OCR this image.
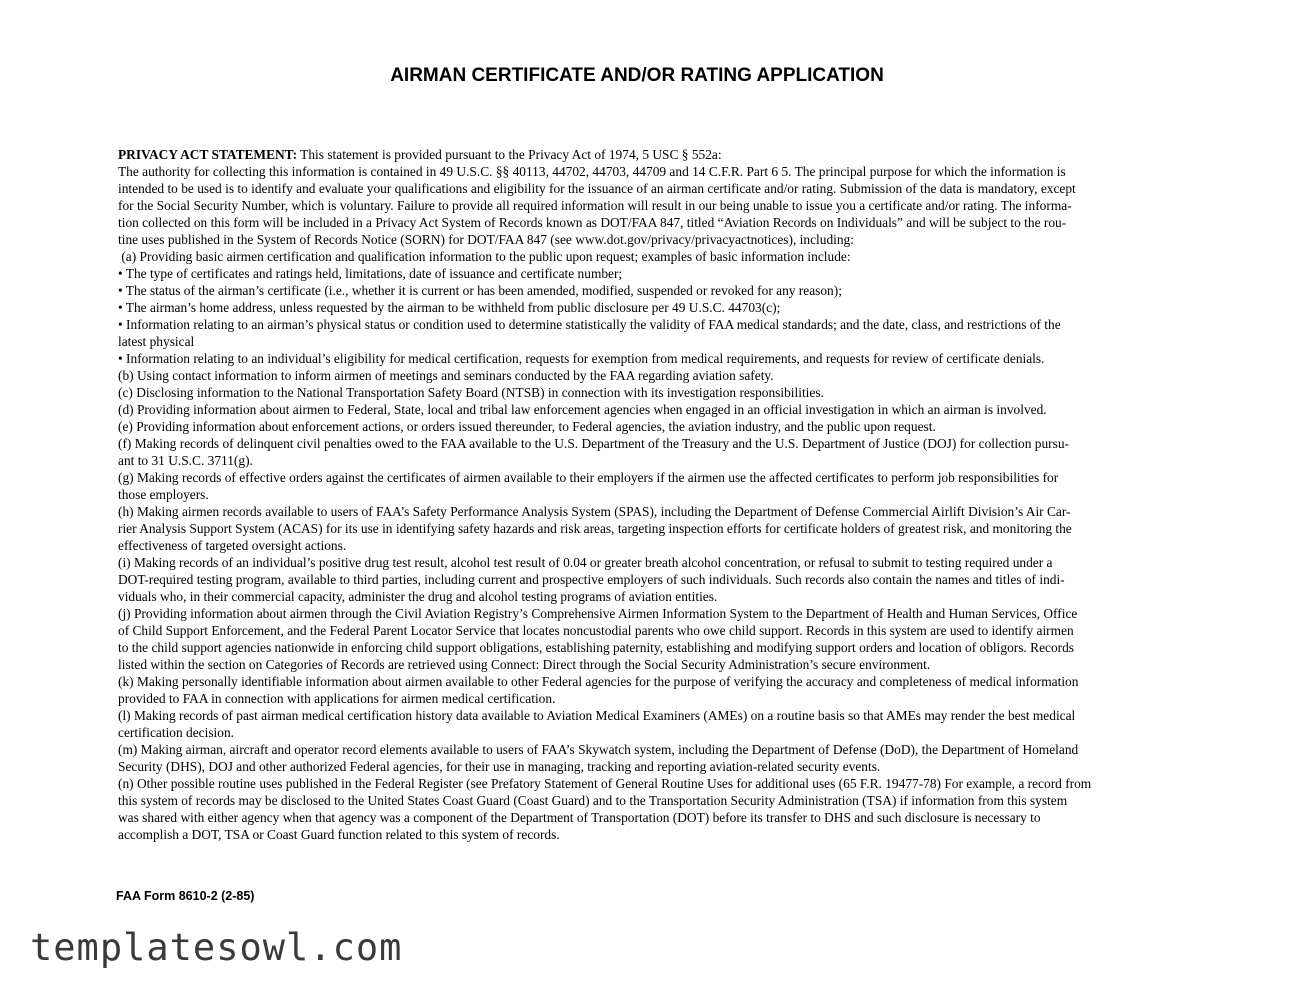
AIRMAN CERTIFICATE AND/OR RATING APPLICATION

PRIVACY ACT STATEMENT: This statement is provided pursuant to the Privacy Act of 1974, 5 USC § 552a:

The authority for collecting this information is contained in 49 U.S.C. §§ 40113, 44702, 44703, 44709 and 14 C.F.R. Part 6 5. The principal purpose for which the information is

intended to be used is to identify and evaluate your qualifications and eligibility for the issuance of an airman certificate and/or rating. Submission of the data is mandatory, except

for the Social Security Number, which is voluntary. Failure to provide all required information will result in our being unable to issue you a certificate and/or rating. The informa-

tion collected on this form will be included in a Privacy Act System of Records known as DOT/FAA 847, titled “Aviation Records on Individuals” and will be subject to the rou-

tine uses published in the System of Records Notice (SORN) for DOT/FAA 847 (see www.dot.gov/privacy/privacyactnotices), including:

(a) Providing basic airmen certification and qualification information to the public upon request; examples of basic information include:

• The type of certificates and ratings held, limitations, date of issuance and certificate number;

• The status of the airman’s certificate (i.e., whether it is current or has been amended, modified, suspended or revoked for any reason);

• The airman’s home address, unless requested by the airman to be withheld from public disclosure per 49 U.S.C. 44703(c);

• Information relating to an airman’s physical status or condition used to determine statistically the validity of FAA medical standards; and the date, class, and restrictions of the

latest physical

• Information relating to an individual’s eligibility for medical certification, requests for exemption from medical requirements, and requests for review of certificate denials.

(b) Using contact information to inform airmen of meetings and seminars conducted by the FAA regarding aviation safety.

(c) Disclosing information to the National Transportation Safety Board (NTSB) in connection with its investigation responsibilities.

(d) Providing information about airmen to Federal, State, local and tribal law enforcement agencies when engaged in an official investigation in which an airman is involved.

(e) Providing information about enforcement actions, or orders issued thereunder, to Federal agencies, the aviation industry, and the public upon request.

(f) Making records of delinquent civil penalties owed to the FAA available to the U.S. Department of the Treasury and the U.S. Department of Justice (DOJ) for collection pursu-

ant to 31 U.S.C. 3711(g).

(g) Making records of effective orders against the certificates of airmen available to their employers if the airmen use the affected certificates to perform job responsibilities for

those employers.

(h) Making airmen records available to users of FAA’s Safety Performance Analysis System (SPAS), including the Department of Defense Commercial Airlift Division’s Air Car-

rier Analysis Support System (ACAS) for its use in identifying safety hazards and risk areas, targeting inspection efforts for certificate holders of greatest risk, and monitoring the

effectiveness of targeted oversight actions.

(i) Making records of an individual’s positive drug test result, alcohol test result of 0.04 or greater breath alcohol concentration, or refusal to submit to testing required under a

DOT-required testing program, available to third parties, including current and prospective employers of such individuals. Such records also contain the names and titles of indi-

viduals who, in their commercial capacity, administer the drug and alcohol testing programs of aviation entities.

(j) Providing information about airmen through the Civil Aviation Registry’s Comprehensive Airmen Information System to the Department of Health and Human Services, Office

of Child Support Enforcement, and the Federal Parent Locator Service that locates noncustodial parents who owe child support. Records in this system are used to identify airmen

to the child support agencies nationwide in enforcing child support obligations, establishing paternity, establishing and modifying support orders and location of obligors. Records

listed within the section on Categories of Records are retrieved using Connect: Direct through the Social Security Administration’s secure environment.

(k) Making personally identifiable information about airmen available to other Federal agencies for the purpose of verifying the accuracy and completeness of medical information

provided to FAA in connection with applications for airmen medical certification.

(l) Making records of past airman medical certification history data available to Aviation Medical Examiners (AMEs) on a routine basis so that AMEs may render the best medical

certification decision.

(m) Making airman, aircraft and operator record elements available to users of FAA’s Skywatch system, including the Department of Defense (DoD), the Department of Homeland

Security (DHS), DOJ and other authorized Federal agencies, for their use in managing, tracking and reporting aviation-related security events.

(n) Other possible routine uses published in the Federal Register (see Prefatory Statement of General Routine Uses for additional uses (65 F.R. 19477-78) For example, a record from

this system of records may be disclosed to the United States Coast Guard (Coast Guard) and to the Transportation Security Administration (TSA) if information from this system

was shared with either agency when that agency was a component of the Department of Transportation (DOT) before its transfer to DHS and such disclosure is necessary to

accomplish a DOT, TSA or Coast Guard function related to this system of records.

FAA Form 8610-2 (2-85)

templatesowl.com
